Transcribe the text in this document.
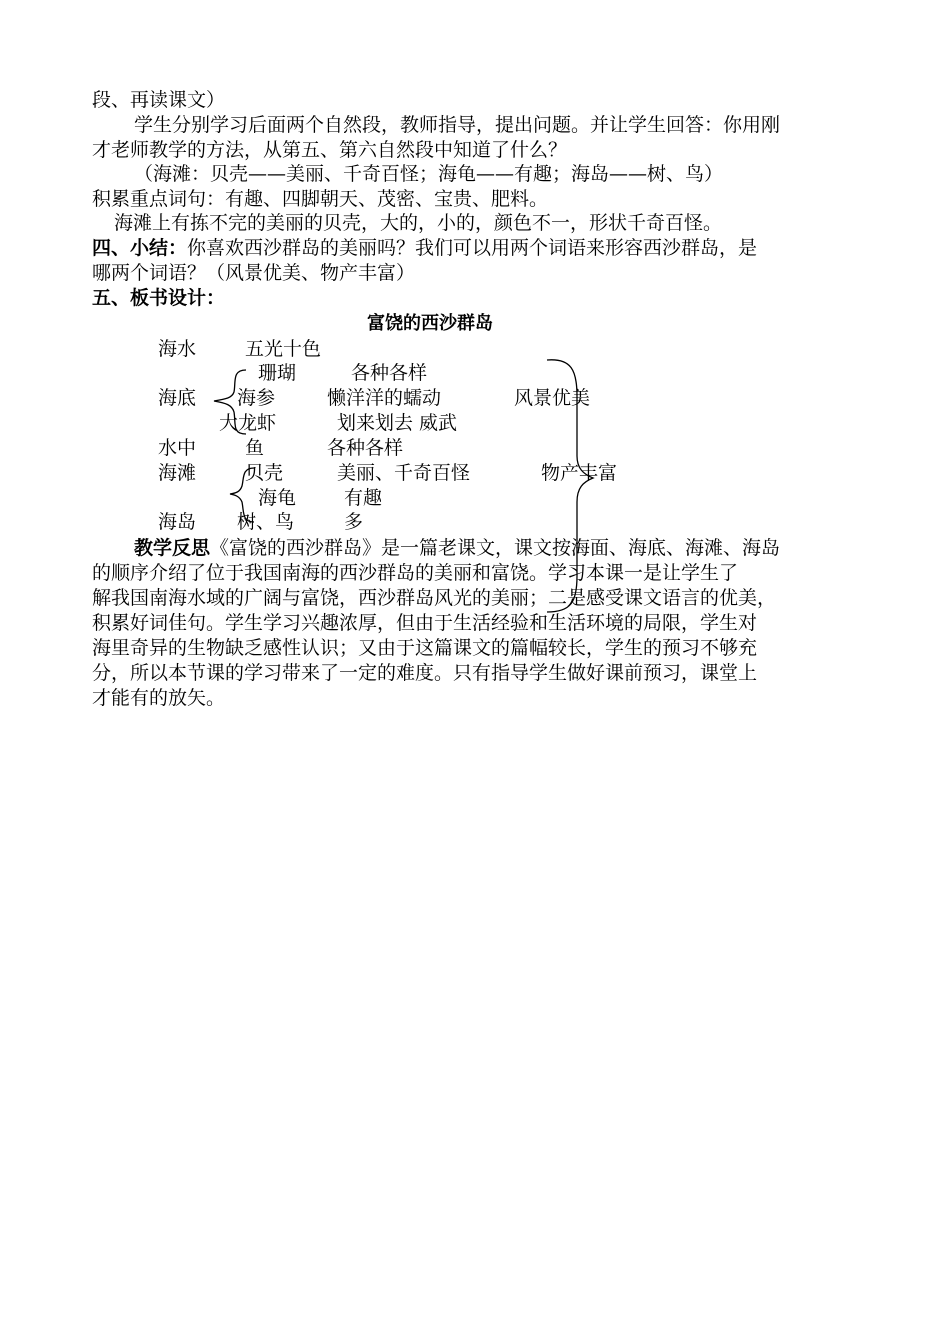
段、再读课文）
学生分别学习后面两个自然段，教师指导，提出问题。并让学生回答：你用刚
才老师教学的方法，从第五、第六自然段中知道了什么？
（海滩：贝壳——美丽、千奇百怪；海龟——有趣；海岛——树、鸟）
积累重点词句：有趣、四脚朝天、茂密、宝贵、肥料。
海滩上有拣不完的美丽的贝壳，大的，小的，颜色不一，形状千奇百怪。
四、小结：你喜欢西沙群岛的美丽吗？我们可以用两个词语来形容西沙群岛，是
哪两个词语？（风景优美、物产丰富）
五、板书设计：
富饶的西沙群岛
海水	五光十色
珊瑚	各种各样
海底 海参	懒洋洋的蠕动	风景优美
大龙虾	划来划去 威武
水中	鱼	各种各样
海滩	贝壳	美丽、千奇百怪	物产丰富
海龟	有趣
海岛 树、鸟	多
教学反思《富饶的西沙群岛》是一篇老课文，课文按海面、海底、海滩、海岛
的顺序介绍了位于我国南海的西沙群岛的美丽和富饶。学习本课一是让学生了
解我国南海水域的广阔与富饶，西沙群岛风光的美丽；二是感受课文语言的优美，
积累好词佳句。学生学习兴趣浓厚，但由于生活经验和生活环境的局限，学生对
海里奇异的生物缺乏感性认识；又由于这篇课文的篇幅较长，学生的预习不够充
分，所以本节课的学习带来了一定的难度。只有指导学生做好课前预习，课堂上
才能有的放矢。
